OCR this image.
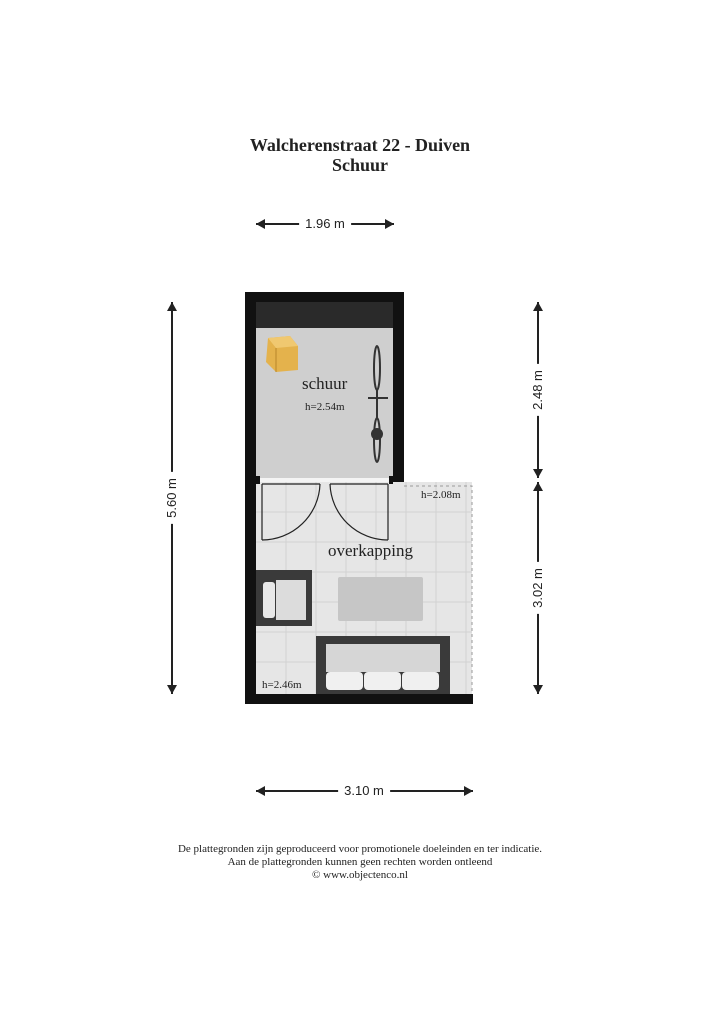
Walcherenstraat 22 - Duiven
Schuur
1.96 m
5.60 m
2.48 m
3.02 m
schuur
h=2.54m
overkapping
h=2.08m
h=2.46m
3.10 m
De plattegronden zijn geproduceerd voor promotionele doeleinden en ter indicatie.
Aan de plattegronden kunnen geen rechten worden ontleend
© www.objectenco.nl
